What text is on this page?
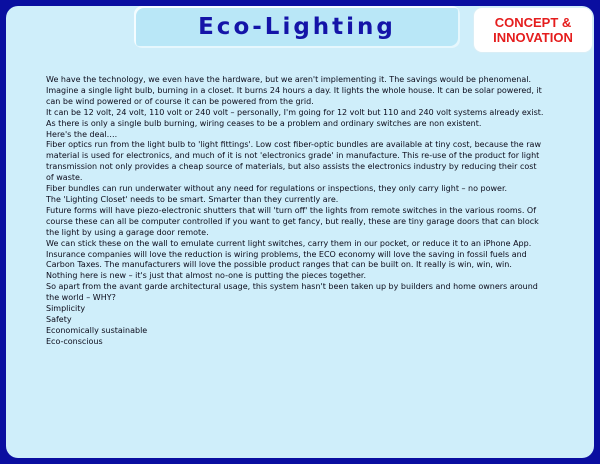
Eco-Lighting	CONCEPT &
INNOVATION

We have the technology, we even have the hardware, but we aren't implementing it. The savings would be phenomenal.

Imagine a single light bulb, burning in a closet. It burns 24 hours a day. It lights the whole house. It can be solar powered, it can be wind powered or of course it can be powered from the grid.

It can be 12 volt, 24 volt, 110 volt or 240 volt – personally, I'm going for 12 volt but 110 and 240 volt systems already exist.

As there is only a single bulb burning, wiring ceases to be a problem and ordinary switches are non existent.

Here's the deal….

Fiber optics run from the light bulb to 'light fittings'. Low cost fiber-optic bundles are available at tiny cost, because the raw material is used for electronics, and much of it is not 'electronics grade' in manufacture. This re-use of the product for light transmission not only provides a cheap source of materials, but also assists the electronics industry by reducing their cost of waste.

Fiber bundles can run underwater without any need for regulations or inspections, they only carry light – no power.

The 'Lighting Closet' needs to be smart. Smarter than they currently are.

Future forms will have piezo-electronic shutters that will 'turn off' the lights from remote switches in the various rooms. Of course these can all be computer controlled if you want to get fancy, but really, these are tiny garage doors that can block the light by using a garage door remote.

We can stick these on the wall to emulate current light switches, carry them in our pocket, or reduce it to an iPhone App.

Insurance companies will love the reduction is wiring problems, the ECO economy will love the saving in fossil fuels and Carbon Taxes. The manufacturers will love the possible product ranges that can be built on. It really is win, win, win.

Nothing here is new – it's just that almost no-one is putting the pieces together.

So apart from the avant garde architectural usage, this system hasn't been taken up by builders and home owners around the world – WHY?

Simplicity

Safety

Economically sustainable

Eco-conscious
